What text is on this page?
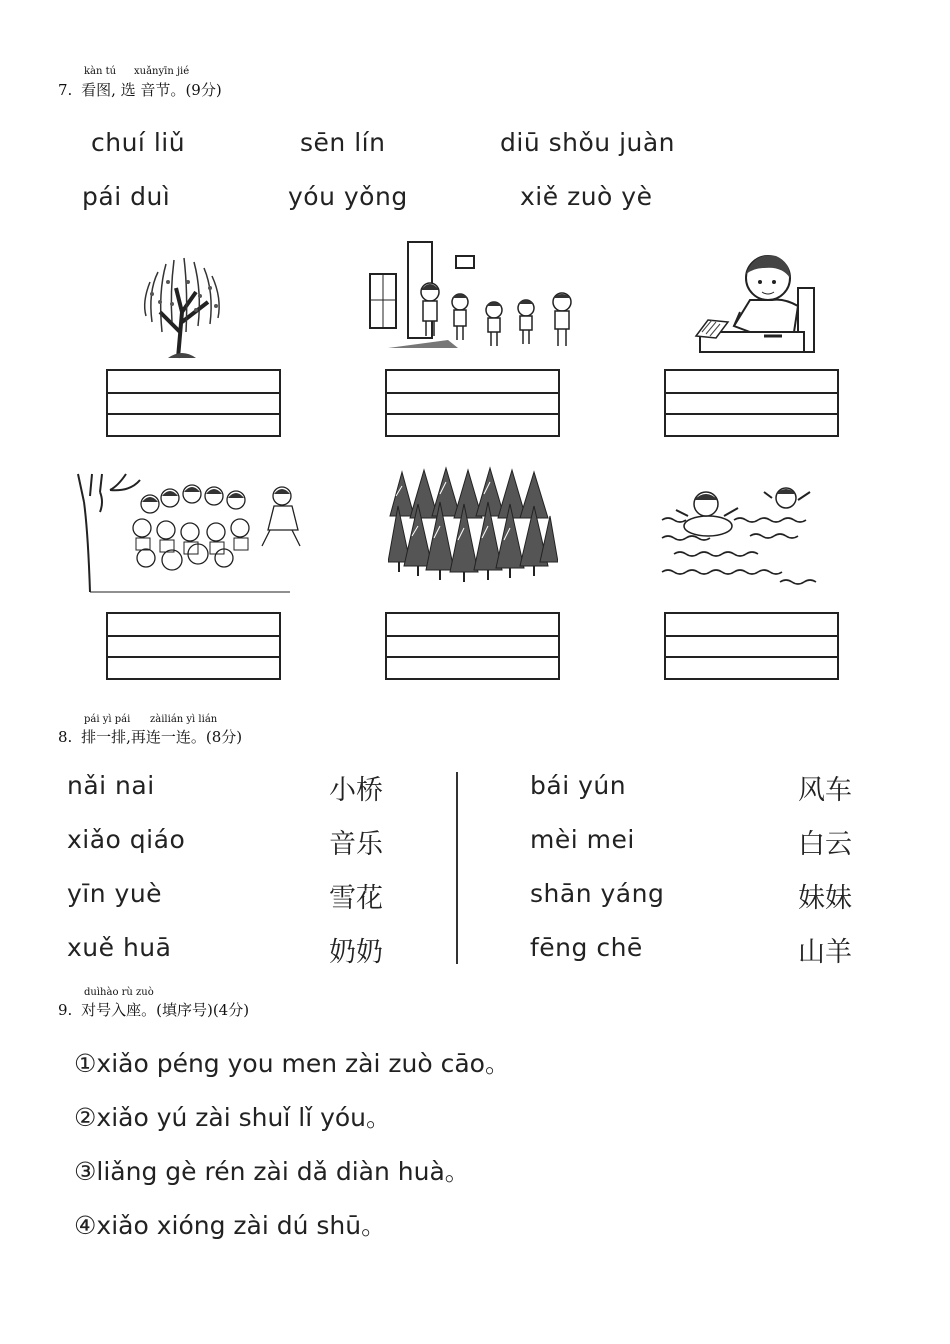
kàn tú xuǎnyīn jié
7. 看图, 选 音节。(9分)
chuí liǔ	sēn lín	diū shǒu juàn
pái duì	yóu yǒng	xiě zuò yè
pái yì pái zàilián yì lián
8. 排一排,再连一连。(8分)
nǎi nai
xiǎo qiáo
yīn yuè
xuě huā
小桥
音乐
雪花
奶奶
bái yún
mèi mei
shān yáng
fēng chē
风车
白云
妹妹
山羊
duìhào rù zuò
9. 对号入座。(填序号)(4分)
①xiǎo péng you men zài zuò cāo。
②xiǎo yú zài shuǐ lǐ yóu。
③liǎng gè rén zài dǎ diàn huà。
④xiǎo xióng zài dú shū。
